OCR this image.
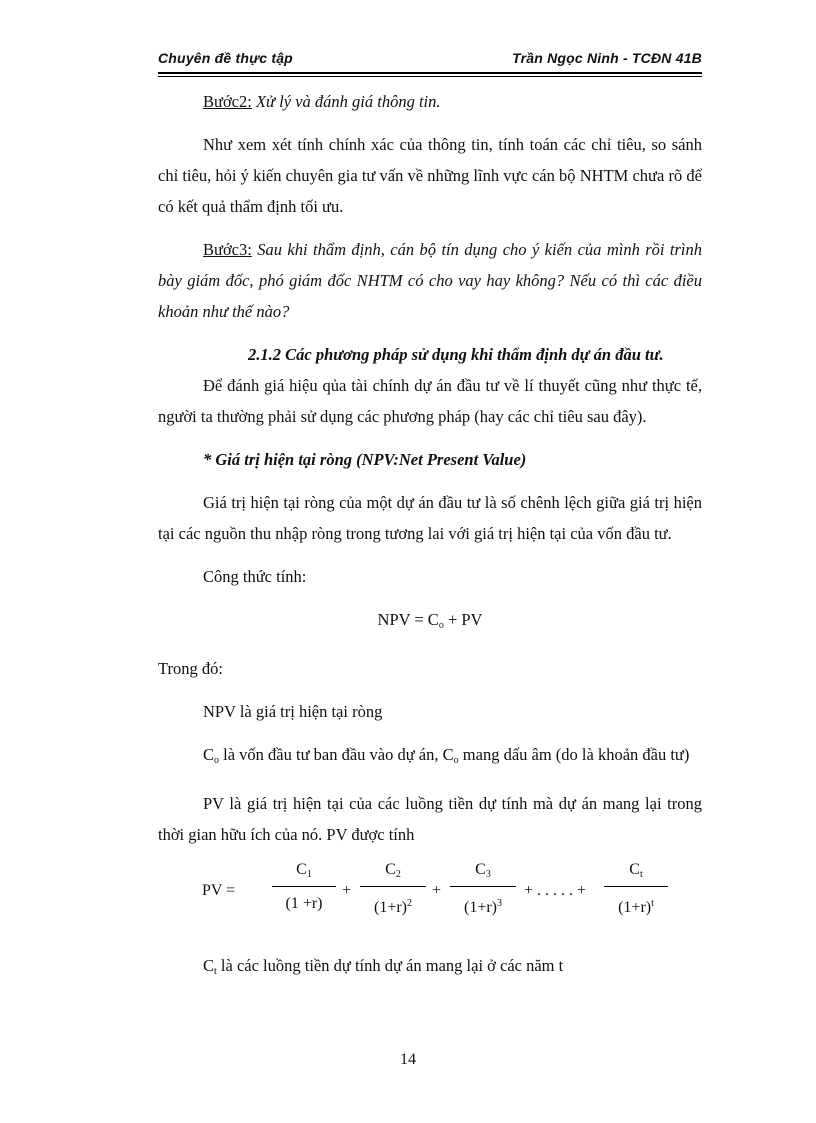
Chuyên đề thực tập	Trần Ngọc Ninh - TCĐN 41B

Bước2: Xử lý và đánh giá thông tin.

Như xem xét tính chính xác của thông tin, tính toán các chỉ tiêu, so sánh chỉ tiêu, hỏi ý kiến chuyên gia tư vấn về những lĩnh vực cán bộ NHTM chưa rõ để có kết quả thẩm định tối ưu.

Bước3: Sau khi thẩm định, cán bộ tín dụng cho ý kiến của mình rồi trình bày giám đốc, phó giám đốc NHTM có cho vay hay không? Nếu có thì các điều khoản như thế nào?

2.1.2 Các phương pháp sử dụng khi thẩm định dự án đầu tư.

Để đánh giá hiệu qủa tài chính dự án đầu tư về lí thuyết cũng như thực tế, người ta thường phải sử dụng các phương pháp (hay các chỉ tiêu sau đây).

* Giá trị hiện tại ròng (NPV:Net Present Value)

Giá trị hiện tại ròng của một dự án đầu tư là số chênh lệch giữa giá trị hiện tại các nguồn thu nhập ròng trong tương lai với giá trị hiện tại của vốn đầu tư.

Công thức tính:

NPV = $C_o$ + PV

Trong đó:

NPV là giá trị hiện tại ròng

$C_o$ là vốn đầu tư ban đầu vào dự án, $C_o$ mang dấu âm (do là khoản đầu tư)

PV là giá trị hiện tại của các luồng tiền dự tính mà dự án mang lại trong thời gian hữu ích của nó. PV được tính

PV =
$C_1$
(1 +r)
+
$C_2$
$(1+r)^2$
+
$C_3$
$(1+r)^3$
+ . . . . . +
$C_t$
$(1+r)^t$

$C_t$ là các luồng tiền dự tính dự án mang lại ở các năm t

14
